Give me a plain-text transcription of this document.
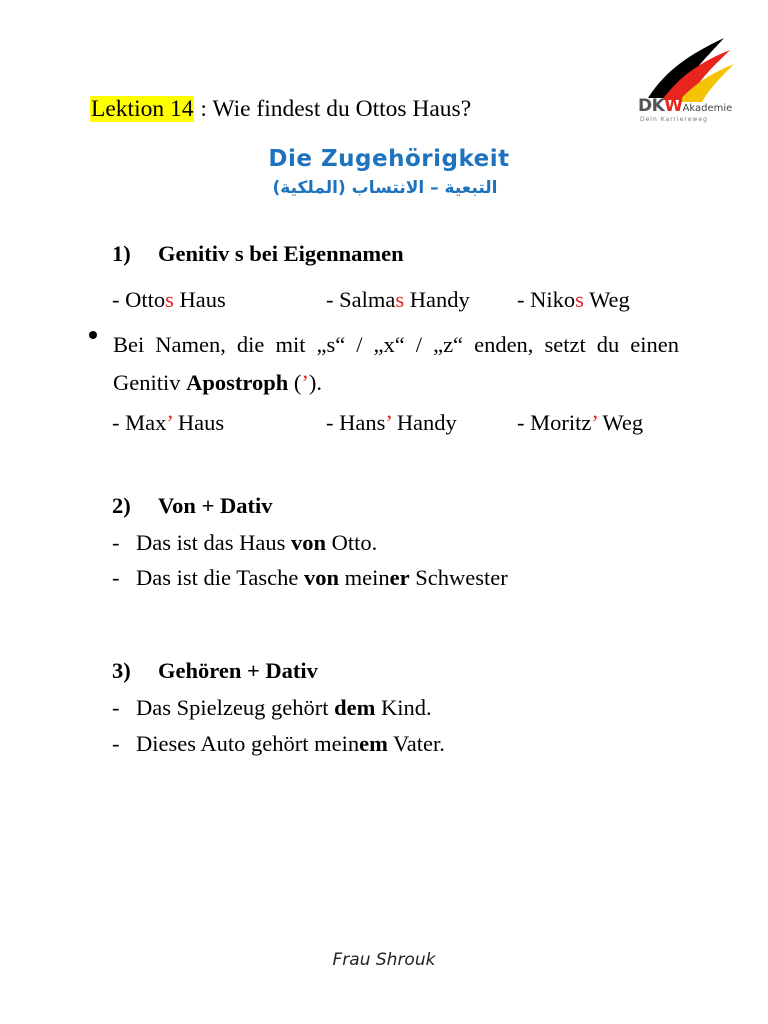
Lektion 14 : Wie findest du Ottos Haus?	DKWAkademie
Dein Karriereweg
Die Zugehörigkeit
التبعية – الانتساب (الملكية)
1) Genitiv s bei Eigennamen
- Ottos Haus	- Salmas Handy - Nikos Weg
Bei Namen, die mit „s“ / „x“ / „z“ enden, setzt du einen Genitiv Apostroph (’).
- Max’ Haus	- Hans’ Handy	- Moritz’ Weg
2) Von + Dativ
- Das ist das Haus von Otto.
- Das ist die Tasche von meiner Schwester
3) Gehören + Dativ
- Das Spielzeug gehört dem Kind.
- Dieses Auto gehört meinem Vater.
Frau Shrouk
